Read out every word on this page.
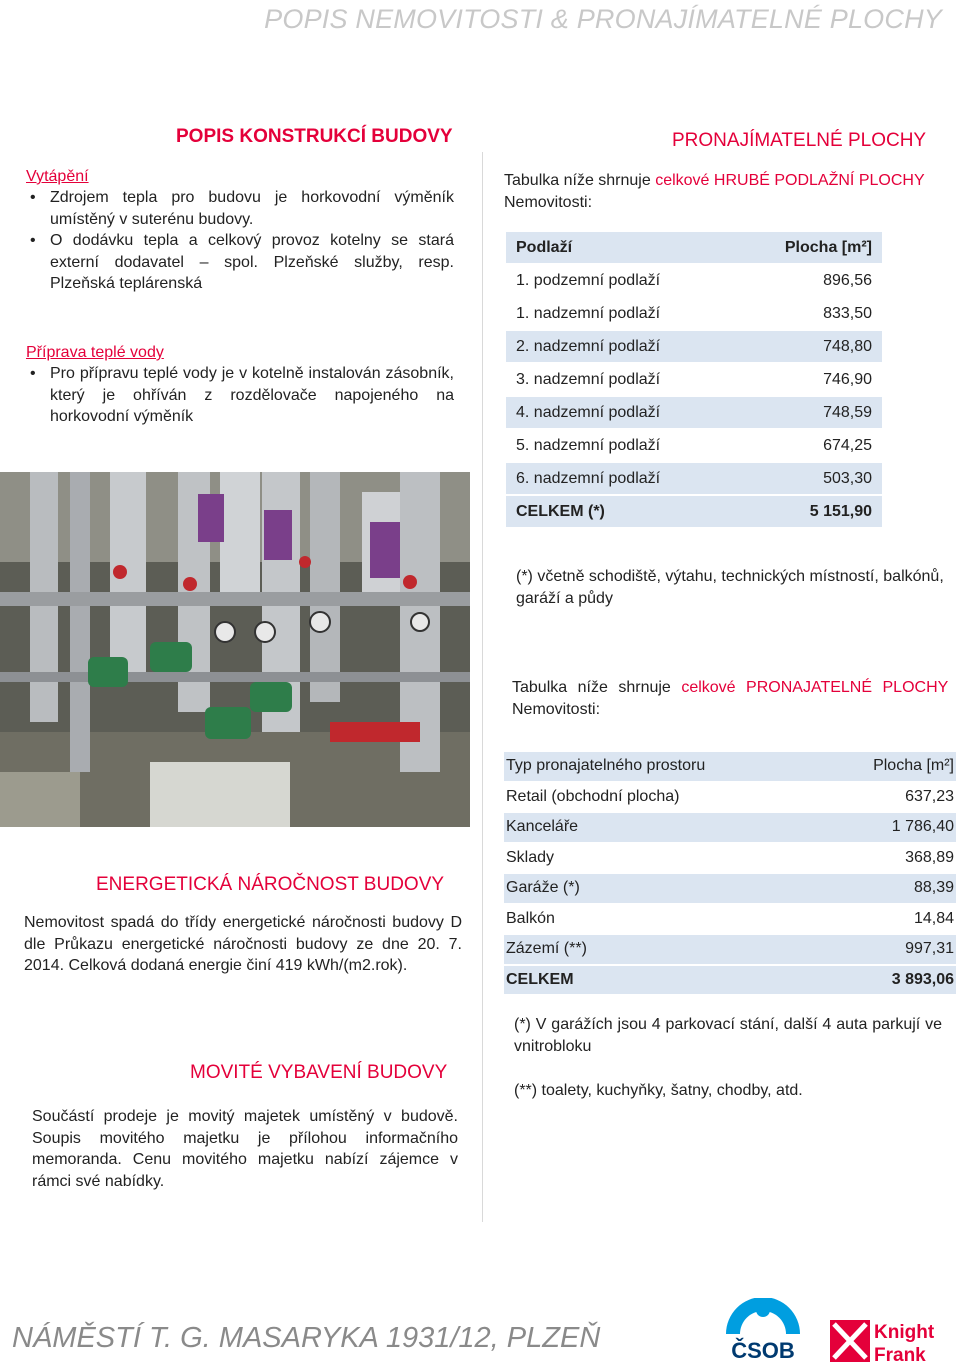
POPIS NEMOVITOSTI & PRONAJÍMATELNÉ PLOCHY
POPIS KONSTRUKCÍ BUDOVY
Vytápění
• Zdrojem tepla pro budovu je horkovodní výměník umístěný v suterénu budovy.
• O dodávku tepla a celkový provoz kotelny se stará externí dodavatel – spol. Plzeňské služby, resp. Plzeňská teplárenská
Příprava teplé vody
• Pro přípravu teplé vody je v kotelně instalován zásobník, který je ohříván z rozdělovače napojeného na horkovodní výměník
ENERGETICKÁ NÁROČNOST BUDOVY
Nemovitost spadá do třídy energetické náročnosti budovy D dle Průkazu energetické náročnosti budovy ze dne 20. 7. 2014. Celková dodaná energie činí 419 kWh/(m2.rok).
MOVITÉ VYBAVENÍ BUDOVY
Součástí prodeje je movitý majetek umístěný v budově. Soupis movitého majetku je přílohou informačního memoranda. Cenu movitého majetku nabízí zájemce v rámci své nabídky.
PRONAJÍMATELNÉ PLOCHY
Tabulka níže shrnuje celkové HRUBÉ PODLAŽNÍ PLOCHY Nemovitosti:
Podlaží	Plocha [m²]
1. podzemní podlaží	896,56
1. nadzemní podlaží	833,50
2. nadzemní podlaží	748,80
3. nadzemní podlaží	746,90
4. nadzemní podlaží	748,59
5. nadzemní podlaží	674,25
6. nadzemní podlaží	503,30
CELKEM (*)	5 151,90
(*) včetně schodiště, výtahu, technických místností, balkónů, garáží a půdy
Tabulka níže shrnuje celkové PRONAJATELNÉ PLOCHY Nemovitosti:
Typ pronajatelného prostoru	Plocha [m²]
Retail (obchodní plocha)	637,23
Kanceláře	1 786,40
Sklady	368,89
Garáže (*)	88,39
Balkón	14,84
Zázemí (**)	997,31
CELKEM	3 893,06
(*) V garážích jsou 4 parkovací stání, další 4 auta parkují ve vnitrobloku
(**) toalety, kuchyňky, šatny, chodby, atd.
NÁMĚSTÍ T. G. MASARYKA 1931/12, PLZEŇ	ČSOB
Knight
Frank
